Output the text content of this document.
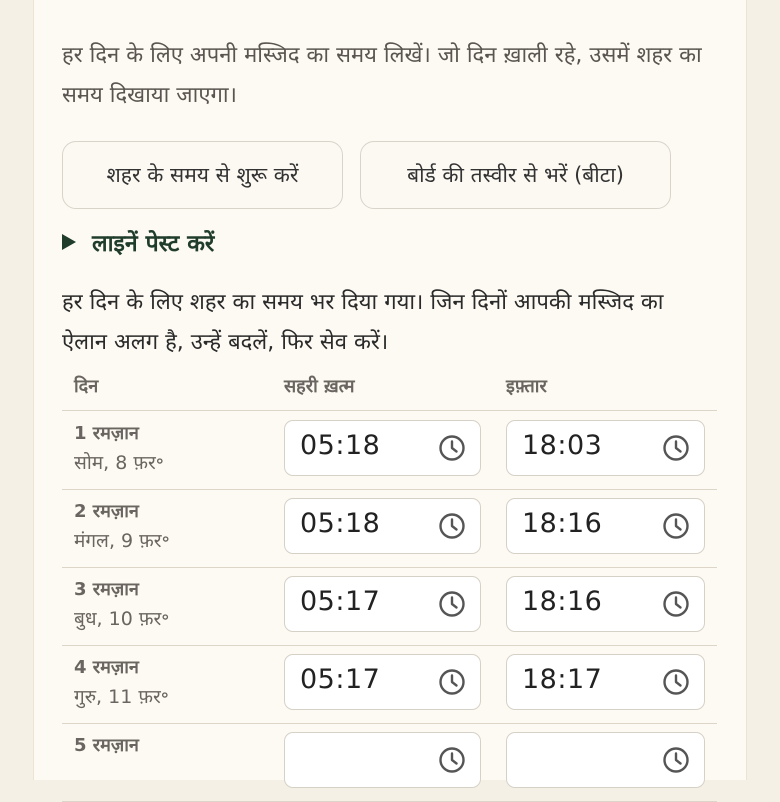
हर दिन के लिए अपनी मस्जिद का समय लिखें। जो दिन ख़ाली रहे, उसमें शहर का समय दिखाया जाएगा।

शहर के समय से शुरू करें	बोर्ड की तस्वीर से भरें (बीटा)
लाइनें पेस्ट करें

हर दिन के लिए शहर का समय भर दिया गया। जिन दिनों आपकी मस्जिद का ऐलान अलग है, उन्हें बदलें, फिर सेव करें।

दिन	सहरी ख़त्म	इफ़्तार
1 रमज़ान
सोम, 8 फ़र॰
05:18	18:03
2 रमज़ान
मंगल, 9 फ़र॰
05:18	18:16
3 रमज़ान
बुध, 10 फ़र॰
05:17	18:16
4 रमज़ान
गुरु, 11 फ़र॰
05:17	18:17
5 रमज़ान
